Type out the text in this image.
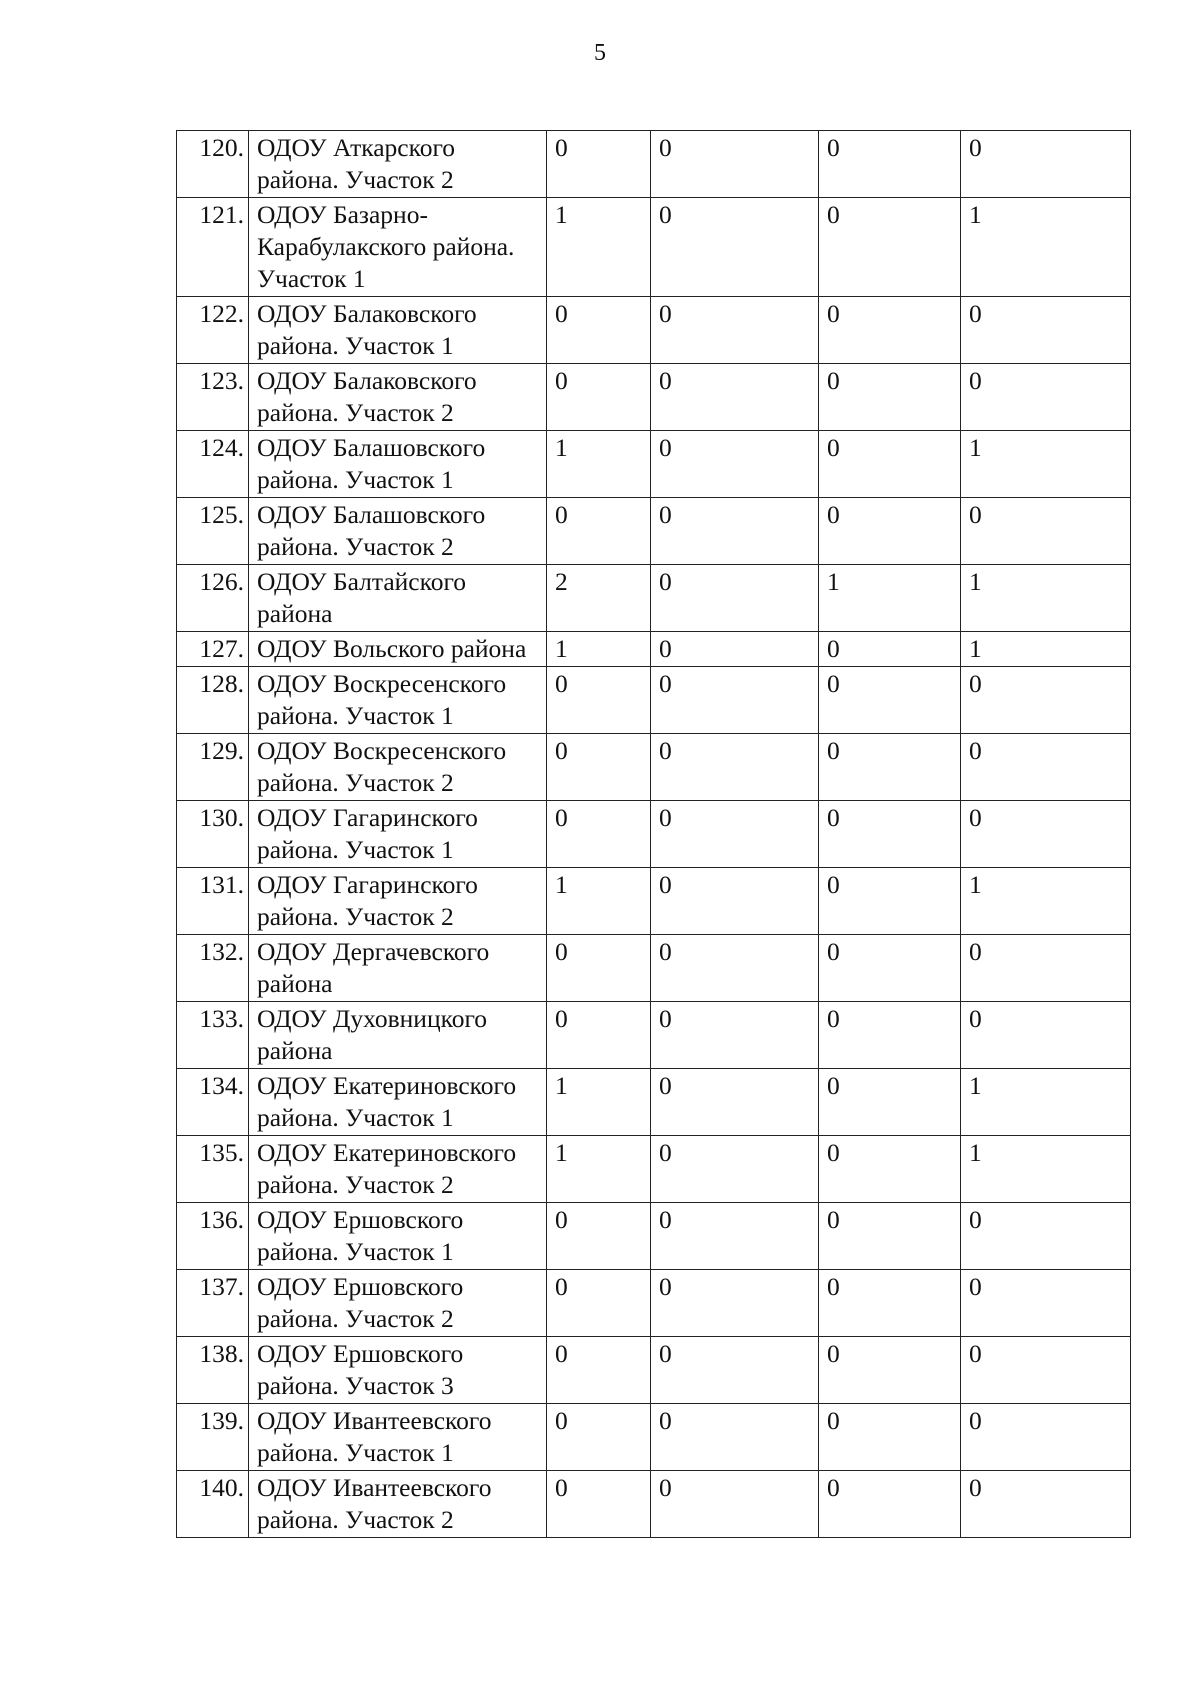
5
120.	ОДОУ Аткарского района. Участок 2	0	0	0	0
121.	ОДОУ Базарно-Карабулакского района. Участок 1	1	0	0	1
122.	ОДОУ Балаковского района. Участок 1	0	0	0	0
123.	ОДОУ Балаковского района. Участок 2	0	0	0	0
124.	ОДОУ Балашовского района. Участок 1	1	0	0	1
125.	ОДОУ Балашовского района. Участок 2	0	0	0	0
126.	ОДОУ Балтайского района	2	0	1	1
127.	ОДОУ Вольского района	1	0	0	1
128.	ОДОУ Воскресенского района. Участок 1	0	0	0	0
129.	ОДОУ Воскресенского района. Участок 2	0	0	0	0
130.	ОДОУ Гагаринского района. Участок 1	0	0	0	0
131.	ОДОУ Гагаринского района. Участок 2	1	0	0	1
132.	ОДОУ Дергачевского района	0	0	0	0
133.	ОДОУ Духовницкого района	0	0	0	0
134.	ОДОУ Екатериновского района. Участок 1	1	0	0	1
135.	ОДОУ Екатериновского района. Участок 2	1	0	0	1
136.	ОДОУ Ершовского района. Участок 1	0	0	0	0
137.	ОДОУ Ершовского района. Участок 2	0	0	0	0
138.	ОДОУ Ершовского района. Участок 3	0	0	0	0
139.	ОДОУ Ивантеевского района. Участок 1	0	0	0	0
140.	ОДОУ Ивантеевского района. Участок 2	0	0	0	0
